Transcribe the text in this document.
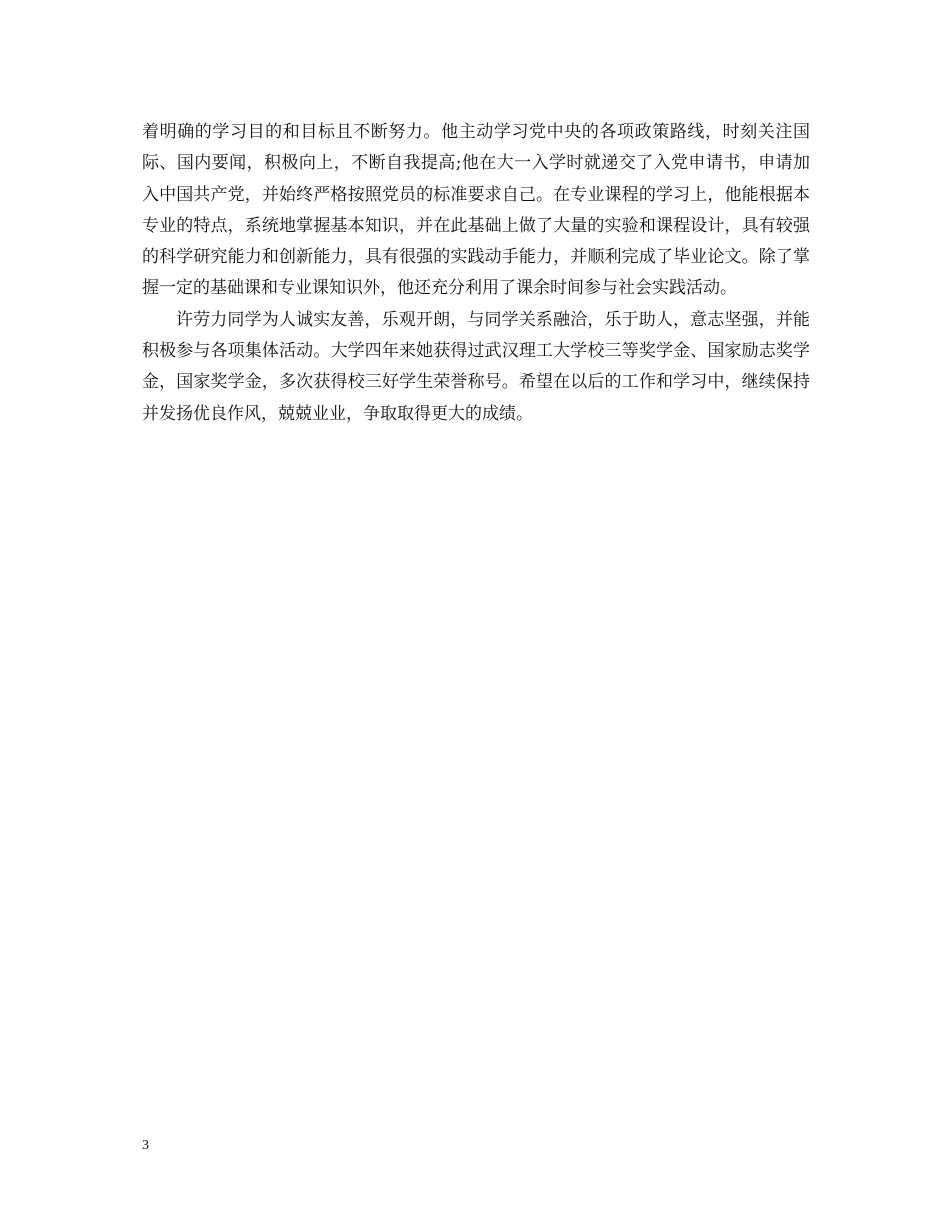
着明确的学习目的和目标且不断努力。他主动学习党中央的各项政策路线，时刻关注国际、国内要闻，积极向上，不断自我提高;他在大一入学时就递交了入党申请书，申请加入中国共产党，并始终严格按照党员的标准要求自己。在专业课程的学习上，他能根据本专业的特点，系统地掌握基本知识，并在此基础上做了大量的实验和课程设计，具有较强的科学研究能力和创新能力，具有很强的实践动手能力，并顺利完成了毕业论文。除了掌握一定的基础课和专业课知识外，他还充分利用了课余时间参与社会实践活动。

许劳力同学为人诚实友善，乐观开朗，与同学关系融洽，乐于助人，意志坚强，并能积极参与各项集体活动。大学四年来她获得过武汉理工大学校三等奖学金、国家励志奖学金，国家奖学金，多次获得校三好学生荣誉称号。希望在以后的工作和学习中，继续保持并发扬优良作风，兢兢业业，争取取得更大的成绩。

3
